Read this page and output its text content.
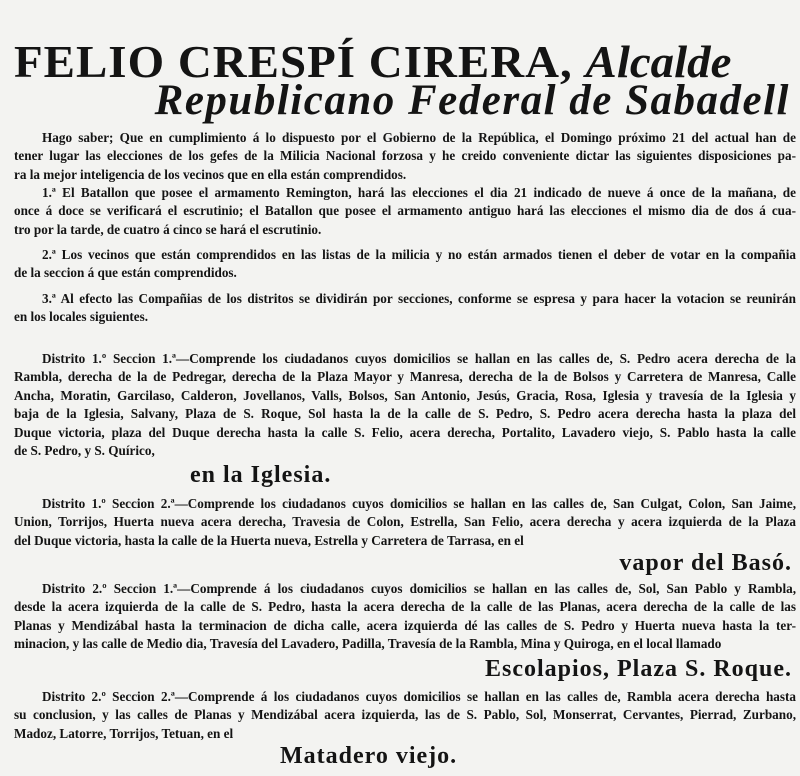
FELIO CRESPÍ CIRERA, Alcalde
Republicano Federal de Sabadell
Hago saber; Que en cumplimiento á lo dispuesto por el Gobierno de la República, el Domingo próximo 21 del actual han de
tener lugar las elecciones de los gefes de la Milicia Nacional forzosa y he creido conveniente dictar las siguientes disposiciones pa-
ra la mejor inteligencia de los vecinos que en ella están comprendidos.
1.ª El Batallon que posee el armamento Remington, hará las elecciones el dia 21 indicado de nueve á once de la mañana, de
once á doce se verificará el escrutinio; el Batallon que posee el armamento antiguo hará las elecciones el mismo dia de dos á cua-
tro por la tarde, de cuatro á cinco se hará el escrutinio.
2.ª Los vecinos que están comprendidos en las listas de la milicia y no están armados tienen el deber de votar en la compañia
de la seccion á que están comprendidos.
3.ª Al efecto las Compañias de los distritos se dividirán por secciones, conforme se espresa y para hacer la votacion se reunirán
en los locales siguientes.
Distrito 1.º Seccion 1.ª—Comprende los ciudadanos cuyos domicilios se hallan en las calles de, S. Pedro acera derecha de la
Rambla, derecha de la de Pedregar, derecha de la Plaza Mayor y Manresa, derecha de la de Bolsos y Carretera de Manresa, Calle
Ancha, Moratin, Garcilaso, Calderon, Jovellanos, Valls, Bolsos, San Antonio, Jesús, Gracia, Rosa, Iglesia y travesía de la Iglesia y
baja de la Iglesia, Salvany, Plaza de S. Roque, Sol hasta la de la calle de S. Pedro, S. Pedro acera derecha hasta la plaza del
Duque victoria, plaza del Duque derecha hasta la calle S. Felio, acera derecha, Portalito, Lavadero viejo, S. Pablo hasta la calle
de S. Pedro, y S. Quírico,
en la Iglesia.
Distrito 1.º Seccion 2.ª—Comprende los ciudadanos cuyos domicilios se hallan en las calles de, San Culgat, Colon, San Jaime,
Union, Torrijos, Huerta nueva acera derecha, Travesia de Colon, Estrella, San Felio, acera derecha y acera izquierda de la Plaza
del Duque victoria, hasta la calle de la Huerta nueva, Estrella y Carretera de Tarrasa, en el
vapor del Basó.
Distrito 2.º Seccion 1.ª—Comprende á los ciudadanos cuyos domicilios se hallan en las calles de, Sol, San Pablo y Rambla,
desde la acera izquierda de la calle de S. Pedro, hasta la acera derecha de la calle de las Planas, acera derecha de la calle de las
Planas y Mendizábal hasta la terminacion de dicha calle, acera izquierda dé las calles de S. Pedro y Huerta nueva hasta la ter-
minacion, y las calle de Medio dia, Travesía del Lavadero, Padilla, Travesía de la Rambla, Mina y Quiroga, en el local llamado
Escolapios, Plaza S. Roque.
Distrito 2.º Seccion 2.ª—Comprende á los ciudadanos cuyos domicilios se hallan en las calles de, Rambla acera derecha hasta
su conclusion, y las calles de Planas y Mendizábal acera izquierda, las de S. Pablo, Sol, Monserrat, Cervantes, Pierrad, Zurbano,
Madoz, Latorre, Torrijos, Tetuan, en el
Matadero viejo.
